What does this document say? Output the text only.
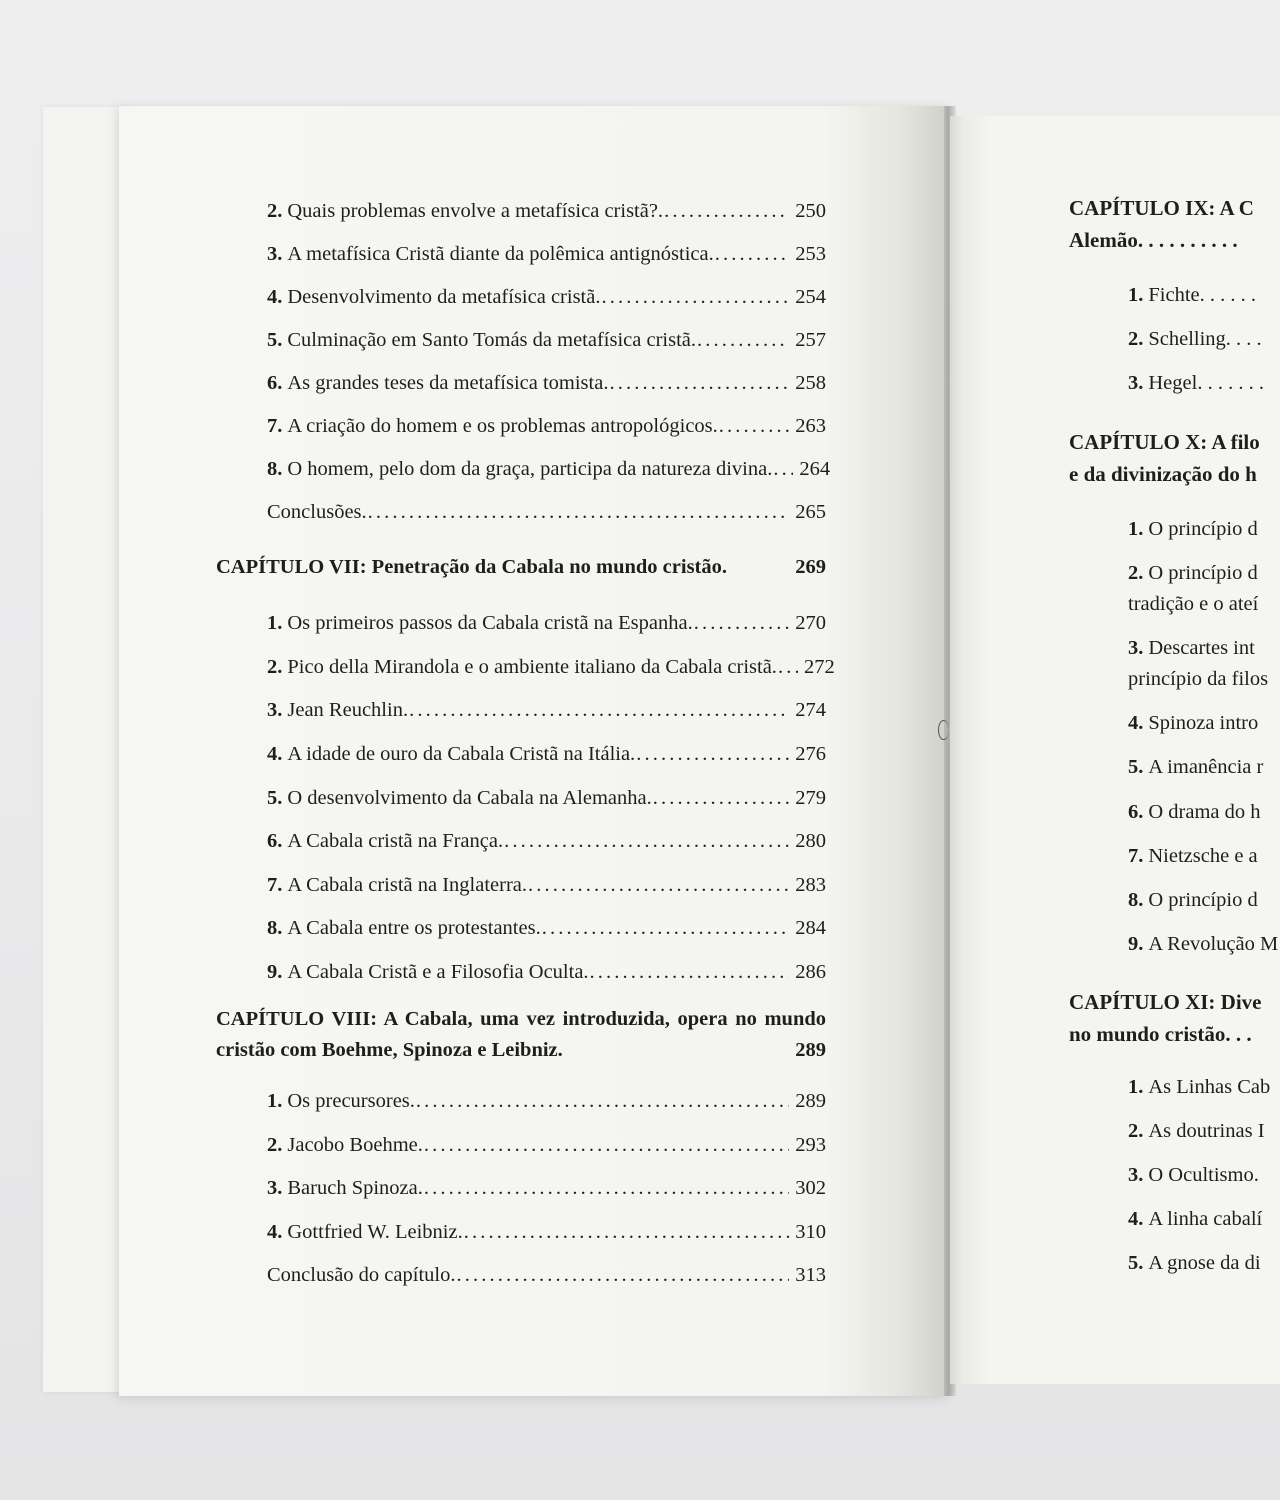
2. Quais problemas envolve a metafísica cristã?. . . .	250
3. A metafísica Cristã diante da polêmica antignóstica. . . .	253
4. Desenvolvimento da metafísica cristã. . . .	254
5. Culminação em Santo Tomás da metafísica cristã. . . .	257
6. As grandes teses da metafísica tomista. . . .	258
7. A criação do homem e os problemas antropológicos. . . .	263
8. O homem, pelo dom da graça, participa da natureza divina. . . . 264
Conclusões. . . .	265
CAPÍTULO VII: Penetração da Cabala no mundo cristão.	269
1. Os primeiros passos da Cabala cristã na Espanha. . . .	270
2. Pico della Mirandola e o ambiente italiano da Cabala cristã. . . . 272
3. Jean Reuchlin. . . .	274
4. A idade de ouro da Cabala Cristã na Itália. . . .	276
5. O desenvolvimento da Cabala na Alemanha. . . .	279
6. A Cabala cristã na França. . . .	280
7. A Cabala cristã na Inglaterra. . . .	283
8. A Cabala entre os protestantes. . . .	284
9. A Cabala Cristã e a Filosofia Oculta. . . .	286
CAPÍTULO VIII: A Cabala, uma vez introduzida, opera no mundo
cristão com Boehme, Spinoza e Leibniz.	289
1. Os precursores. . . .	289
2. Jacobo Boehme. . . .	293
3. Baruch Spinoza. . . .	302
4. Gottfried W. Leibniz. . . .	310
Conclusão do capítulo. . . .	313
CAPÍTULO IX: A C
Alemão. . . . . . . . . .
1. Fichte. . . . . .
2. Schelling. . . .
3. Hegel. . . . . . .
CAPÍTULO X: A filo
e da divinização do h
1. O princípio d
2. O princípio d
tradição e o ateí
3. Descartes int
princípio da filos
4. Spinoza intro
5. A imanência r
6. O drama do h
7. Nietzsche e a
8. O princípio d
9. A Revolução M
CAPÍTULO XI: Dive
no mundo cristão. . .
1. As Linhas Cab
2. As doutrinas I
3. O Ocultismo.
4. A linha cabalí
5. A gnose da di
